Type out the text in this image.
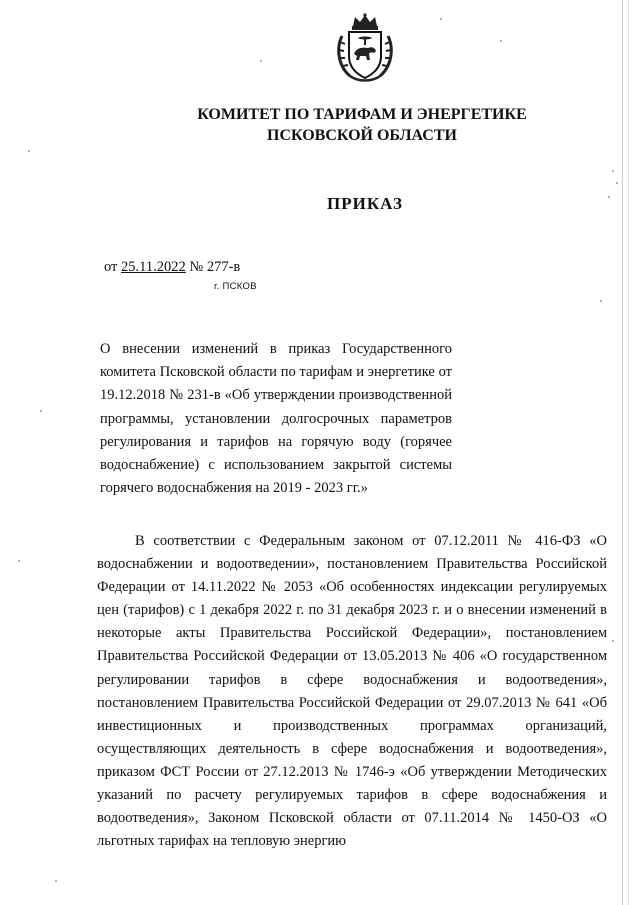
КОМИТЕТ ПО ТАРИФАМ И ЭНЕРГЕТИКЕ
ПСКОВСКОЙ ОБЛАСТИ
ПРИКАЗ
от 25.11.2022 № 277-в
г. ПСКОВ
О внесении изменений в приказ Государственного комитета Псковской области по тарифам и энергетике от 19.12.2018 № 231-в «Об утверждении производственной программы, установлении долгосрочных параметров регулирования и тарифов на горячую воду (горячее водоснабжение) с использованием закрытой системы горячего водоснабжения на 2019 - 2023 гг.»
В соответствии с Федеральным законом от 07.12.2011 № 416-ФЗ «О водоснабжении и водоотведении», постановлением Правительства Российской Федерации от 14.11.2022 № 2053 «Об особенностях индексации регулируемых цен (тарифов) с 1 декабря 2022 г. по 31 декабря 2023 г. и о внесении изменений в некоторые акты Правительства Российской Федерации», постановлением Правительства Российской Федерации от 13.05.2013 № 406 «О государственном регулировании тарифов в сфере водоснабжения и водоотведения», постановлением Правительства Российской Федерации от 29.07.2013 № 641 «Об инвестиционных и производственных программах организаций, осуществляющих деятельность в сфере водоснабжения и водоотведения», приказом ФСТ России от 27.12.2013 № 1746-э «Об утверждении Методических указаний по расчету регулируемых тарифов в сфере водоснабжения и водоотведения», Законом Псковской области от 07.11.2014 № 1450-ОЗ «О льготных тарифах на тепловую энергию
